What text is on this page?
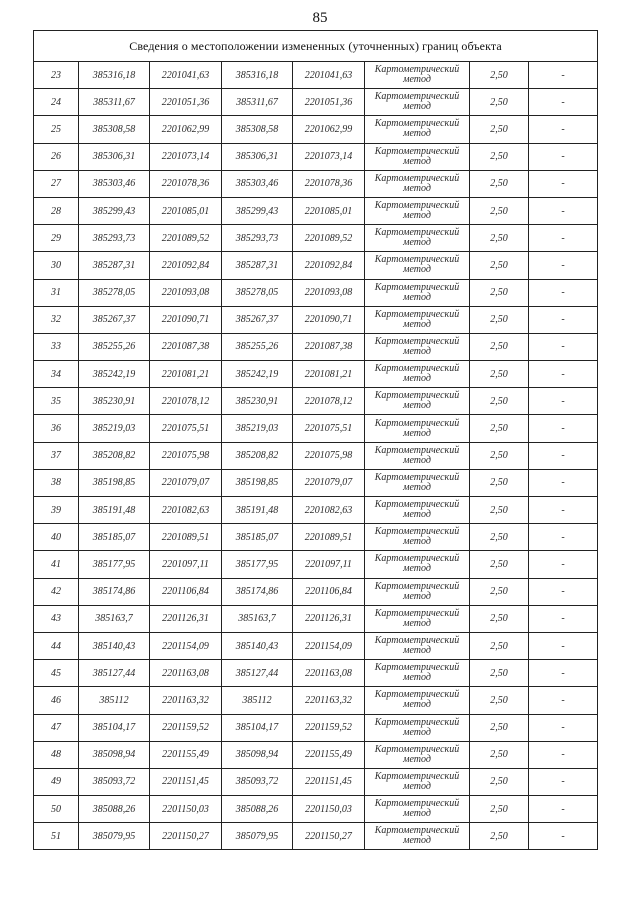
85
Сведения о местоположении измененных (уточненных) границ объекта							
23	385316,18	2201041,63	385316,18	2201041,63	Картометрический метод	2,50	-
24	385311,67	2201051,36	385311,67	2201051,36	Картометрический метод	2,50	-
25	385308,58	2201062,99	385308,58	2201062,99	Картометрический метод	2,50	-
26	385306,31	2201073,14	385306,31	2201073,14	Картометрический метод	2,50	-
27	385303,46	2201078,36	385303,46	2201078,36	Картометрический метод	2,50	-
28	385299,43	2201085,01	385299,43	2201085,01	Картометрический метод	2,50	-
29	385293,73	2201089,52	385293,73	2201089,52	Картометрический метод	2,50	-
30	385287,31	2201092,84	385287,31	2201092,84	Картометрический метод	2,50	-
31	385278,05	2201093,08	385278,05	2201093,08	Картометрический метод	2,50	-
32	385267,37	2201090,71	385267,37	2201090,71	Картометрический метод	2,50	-
33	385255,26	2201087,38	385255,26	2201087,38	Картометрический метод	2,50	-
34	385242,19	2201081,21	385242,19	2201081,21	Картометрический метод	2,50	-
35	385230,91	2201078,12	385230,91	2201078,12	Картометрический метод	2,50	-
36	385219,03	2201075,51	385219,03	2201075,51	Картометрический метод	2,50	-
37	385208,82	2201075,98	385208,82	2201075,98	Картометрический метод	2,50	-
38	385198,85	2201079,07	385198,85	2201079,07	Картометрический метод	2,50	-
39	385191,48	2201082,63	385191,48	2201082,63	Картометрический метод	2,50	-
40	385185,07	2201089,51	385185,07	2201089,51	Картометрический метод	2,50	-
41	385177,95	2201097,11	385177,95	2201097,11	Картометрический метод	2,50	-
42	385174,86	2201106,84	385174,86	2201106,84	Картометрический метод	2,50	-
43	385163,7	2201126,31	385163,7	2201126,31	Картометрический метод	2,50	-
44	385140,43	2201154,09	385140,43	2201154,09	Картометрический метод	2,50	-
45	385127,44	2201163,08	385127,44	2201163,08	Картометрический метод	2,50	-
46	385112	2201163,32	385112	2201163,32	Картометрический метод	2,50	-
47	385104,17	2201159,52	385104,17	2201159,52	Картометрический метод	2,50	-
48	385098,94	2201155,49	385098,94	2201155,49	Картометрический метод	2,50	-
49	385093,72	2201151,45	385093,72	2201151,45	Картометрический метод	2,50	-
50	385088,26	2201150,03	385088,26	2201150,03	Картометрический метод	2,50	-
51	385079,95	2201150,27	385079,95	2201150,27	Картометрический метод	2,50	-
